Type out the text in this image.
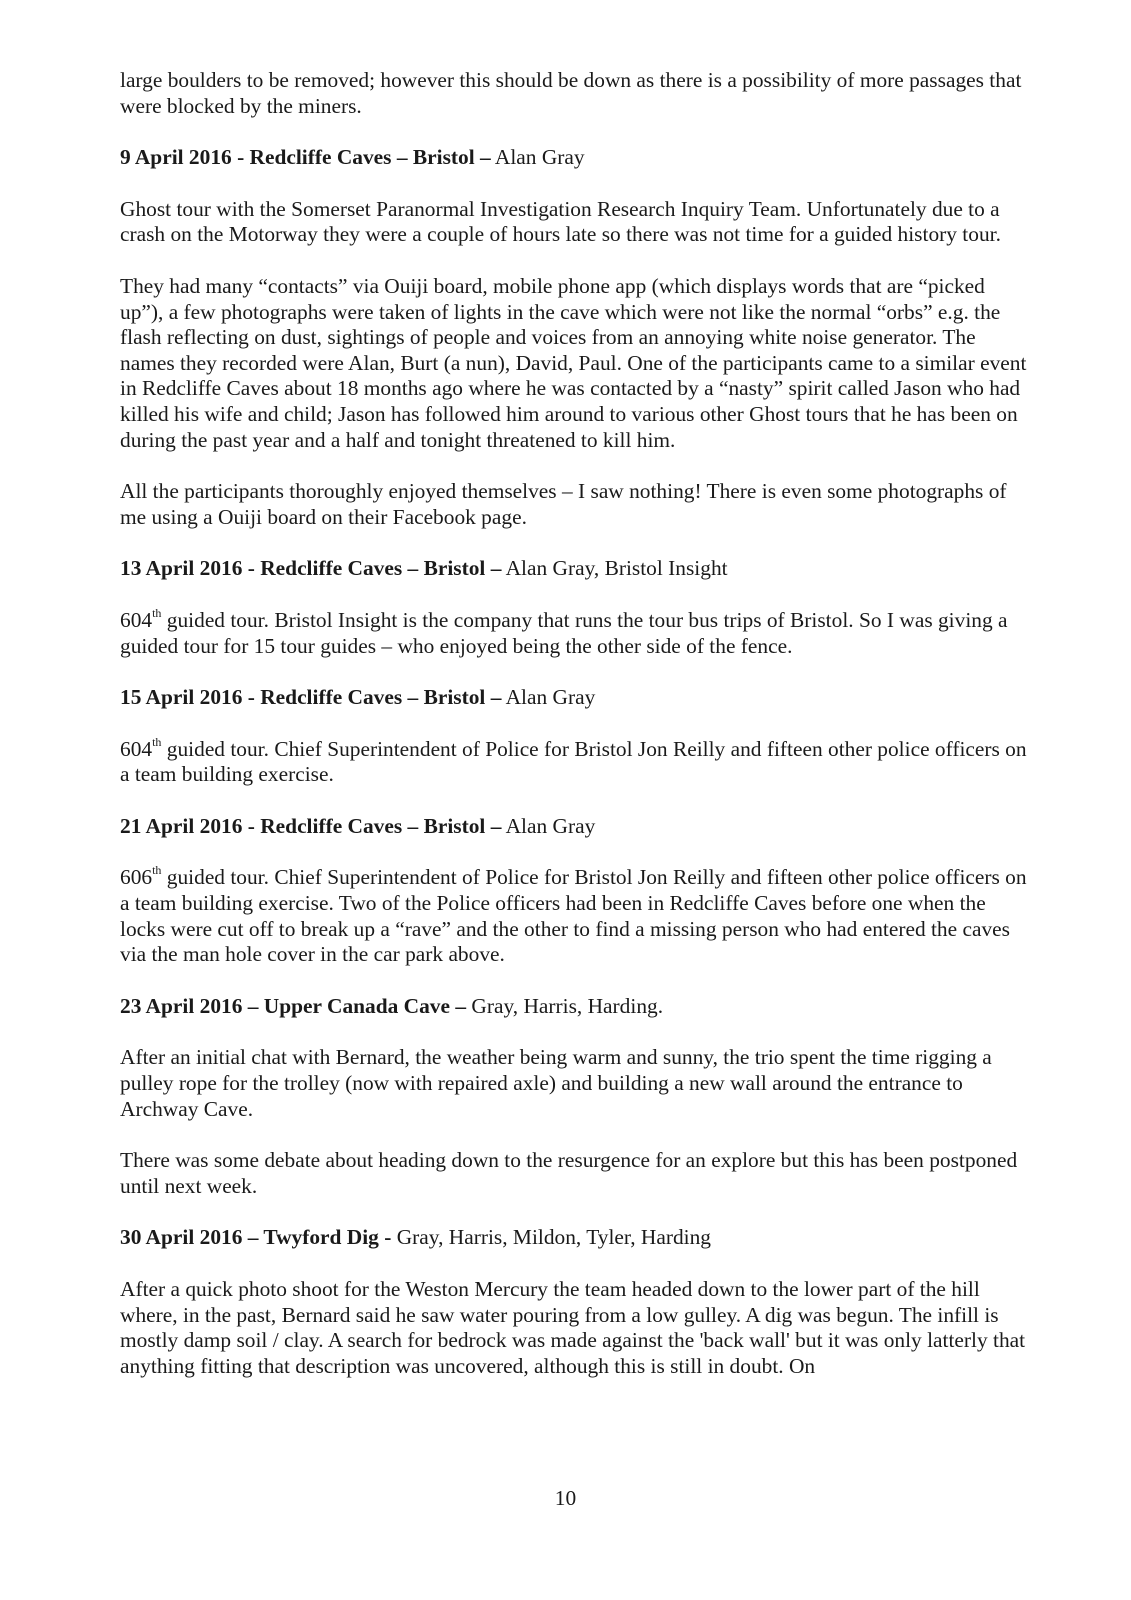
large boulders to be removed; however this should be down as there is a possibility of more passages that were blocked by the miners.

9 April 2016 - Redcliffe Caves – Bristol – Alan Gray

Ghost tour with the Somerset Paranormal Investigation Research Inquiry Team. Unfortunately due to a crash on the Motorway they were a couple of hours late so there was not time for a guided history tour.

They had many “contacts” via Ouiji board, mobile phone app (which displays words that are “picked up”), a few photographs were taken of lights in the cave which were not like the normal “orbs” e.g. the flash reflecting on dust, sightings of people and voices from an annoying white noise generator. The names they recorded were Alan, Burt (a nun), David, Paul. One of the participants came to a similar event in Redcliffe Caves about 18 months ago where he was contacted by a “nasty” spirit called Jason who had killed his wife and child; Jason has followed him around to various other Ghost tours that he has been on during the past year and a half and tonight threatened to kill him.

All the participants thoroughly enjoyed themselves – I saw nothing! There is even some photographs of me using a Ouiji board on their Facebook page.

13 April 2016 - Redcliffe Caves – Bristol – Alan Gray, Bristol Insight

604th guided tour. Bristol Insight is the company that runs the tour bus trips of Bristol. So I was giving a guided tour for 15 tour guides – who enjoyed being the other side of the fence.

15 April 2016 - Redcliffe Caves – Bristol – Alan Gray

604th guided tour. Chief Superintendent of Police for Bristol Jon Reilly and fifteen other police officers on a team building exercise.

21 April 2016 - Redcliffe Caves – Bristol – Alan Gray

606th guided tour. Chief Superintendent of Police for Bristol Jon Reilly and fifteen other police officers on a team building exercise. Two of the Police officers had been in Redcliffe Caves before one when the locks were cut off to break up a “rave” and the other to find a missing person who had entered the caves via the man hole cover in the car park above.

23 April 2016 – Upper Canada Cave – Gray, Harris, Harding.

After an initial chat with Bernard, the weather being warm and sunny, the trio spent the time rigging a pulley rope for the trolley (now with repaired axle) and building a new wall around the entrance to Archway Cave.

There was some debate about heading down to the resurgence for an explore but this has been postponed until next week.

30 April 2016 – Twyford Dig - Gray, Harris, Mildon, Tyler, Harding

After a quick photo shoot for the Weston Mercury the team headed down to the lower part of the hill where, in the past, Bernard said he saw water pouring from a low gulley. A dig was begun. The infill is mostly damp soil / clay. A search for bedrock was made against the 'back wall' but it was only latterly that anything fitting that description was uncovered, although this is still in doubt. On

10
